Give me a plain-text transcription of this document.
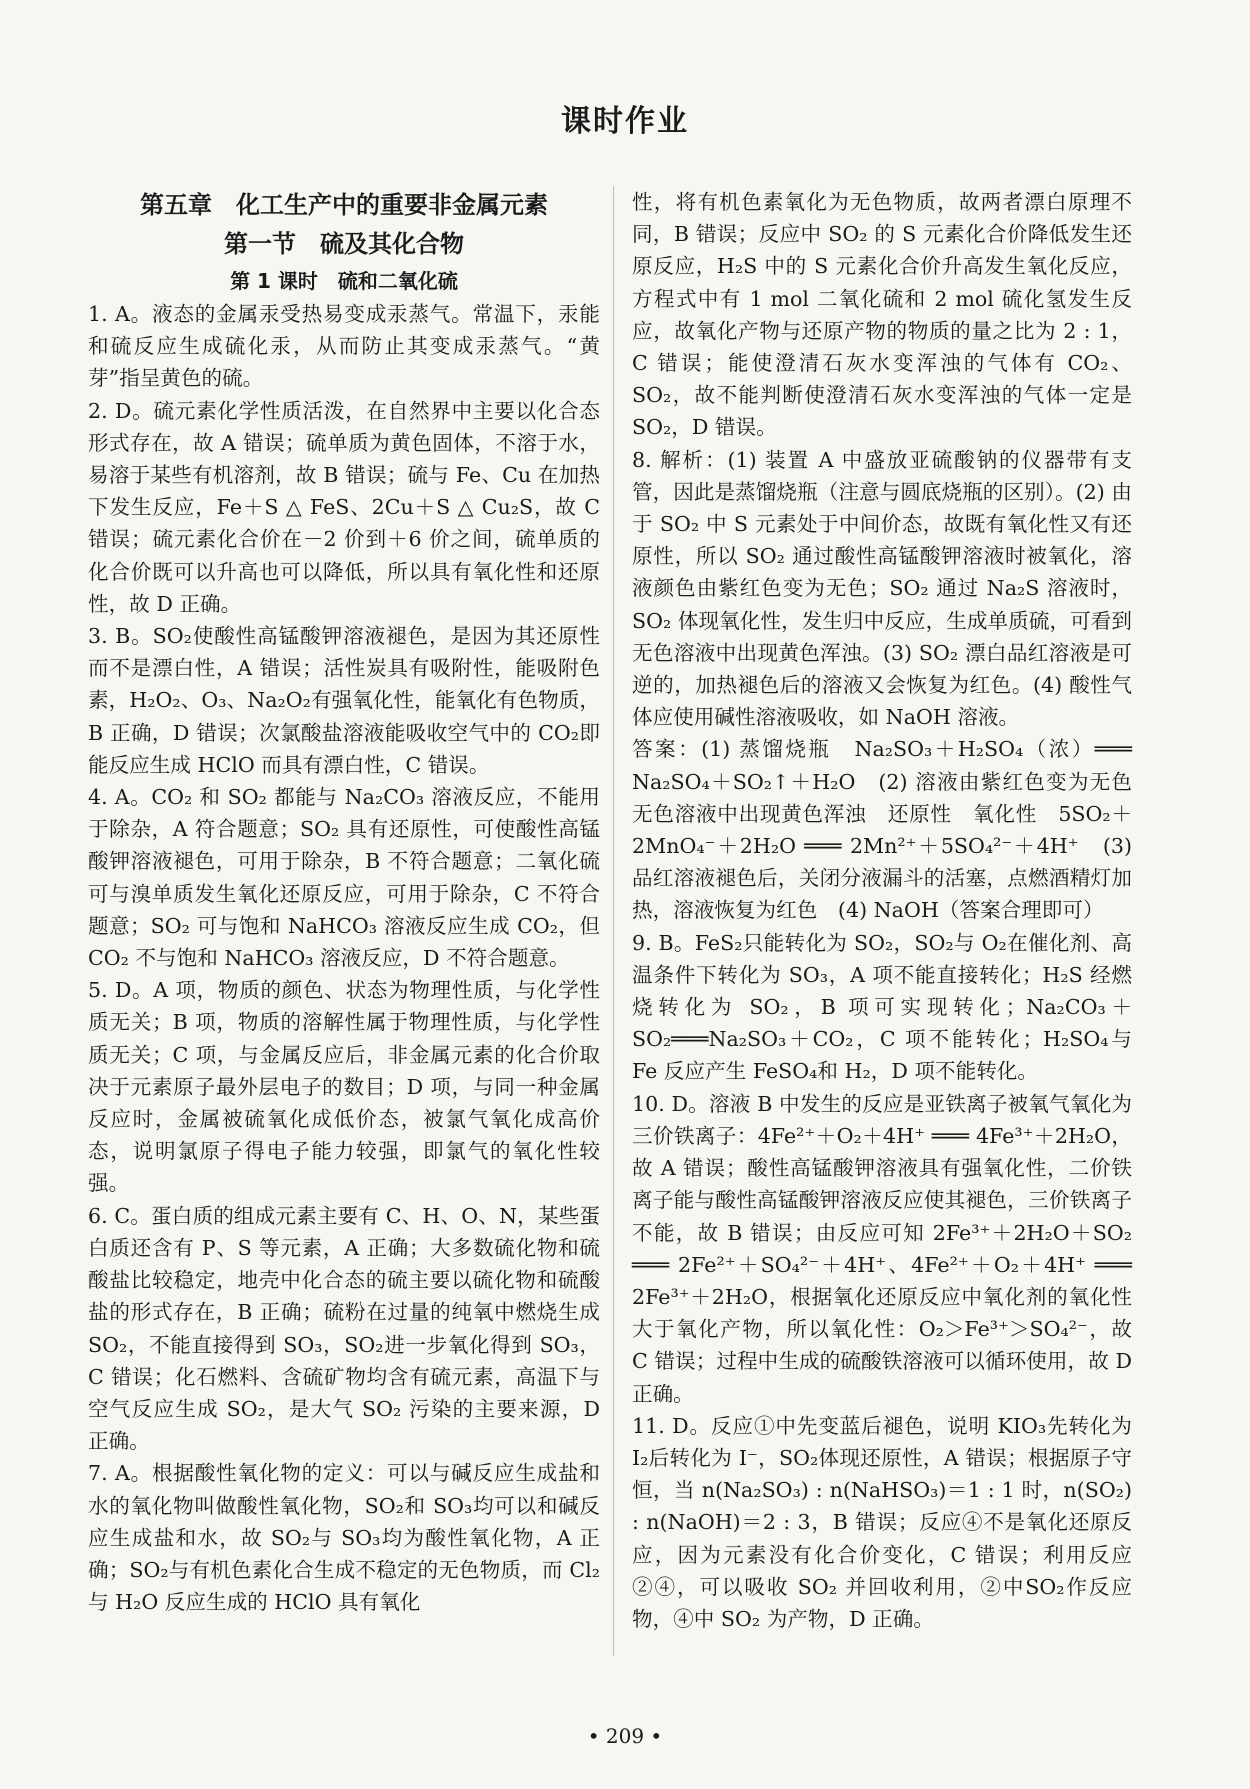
课时作业
第五章　化工生产中的重要非金属元素
第一节　硫及其化合物
第 1 课时　硫和二氧化硫

1. A。液态的金属汞受热易变成汞蒸气。常温下，汞能和硫反应生成硫化汞，从而防止其变成汞蒸气。“黄芽”指呈黄色的硫。

2. D。硫元素化学性质活泼，在自然界中主要以化合态形式存在，故 A 错误；硫单质为黄色固体，不溶于水，易溶于某些有机溶剂，故 B 错误；硫与 Fe、Cu 在加热下发生反应，Fe＋S △ FeS、2Cu＋S △ Cu₂S，故 C 错误；硫元素化合价在－2 价到＋6 价之间，硫单质的化合价既可以升高也可以降低，所以具有氧化性和还原性，故 D 正确。

3. B。SO₂使酸性高锰酸钾溶液褪色，是因为其还原性而不是漂白性，A 错误；活性炭具有吸附性，能吸附色素，H₂O₂、O₃、Na₂O₂有强氧化性，能氧化有色物质，B 正确，D 错误；次氯酸盐溶液能吸收空气中的 CO₂即能反应生成 HClO 而具有漂白性，C 错误。

4. A。CO₂ 和 SO₂ 都能与 Na₂CO₃ 溶液反应，不能用于除杂，A 符合题意；SO₂ 具有还原性，可使酸性高锰酸钾溶液褪色，可用于除杂，B 不符合题意；二氧化硫可与溴单质发生氧化还原反应，可用于除杂，C 不符合题意；SO₂ 可与饱和 NaHCO₃ 溶液反应生成 CO₂，但 CO₂ 不与饱和 NaHCO₃ 溶液反应，D 不符合题意。

5. D。A 项，物质的颜色、状态为物理性质，与化学性质无关；B 项，物质的溶解性属于物理性质，与化学性质无关；C 项，与金属反应后，非金属元素的化合价取决于元素原子最外层电子的数目；D 项，与同一种金属反应时，金属被硫氧化成低价态，被氯气氧化成高价态，说明氯原子得电子能力较强，即氯气的氧化性较强。

6. C。蛋白质的组成元素主要有 C、H、O、N，某些蛋白质还含有 P、S 等元素，A 正确；大多数硫化物和硫酸盐比较稳定，地壳中化合态的硫主要以硫化物和硫酸盐的形式存在，B 正确；硫粉在过量的纯氧中燃烧生成 SO₂，不能直接得到 SO₃，SO₂进一步氧化得到 SO₃，C 错误；化石燃料、含硫矿物均含有硫元素，高温下与空气反应生成 SO₂，是大气 SO₂ 污染的主要来源，D 正确。

7. A。根据酸性氧化物的定义：可以与碱反应生成盐和水的氧化物叫做酸性氧化物，SO₂和 SO₃均可以和碱反应生成盐和水，故 SO₂与 SO₃均为酸性氧化物，A 正确；SO₂与有机色素化合生成不稳定的无色物质，而 Cl₂与 H₂O 反应生成的 HClO 具有氧化

性，将有机色素氧化为无色物质，故两者漂白原理不同，B 错误；反应中 SO₂ 的 S 元素化合价降低发生还原反应，H₂S 中的 S 元素化合价升高发生氧化反应，方程式中有 1 mol 二氧化硫和 2 mol 硫化氢发生反应，故氧化产物与还原产物的物质的量之比为 2 : 1，C 错误；能使澄清石灰水变浑浊的气体有 CO₂、SO₂，故不能判断使澄清石灰水变浑浊的气体一定是 SO₂，D 错误。

8. 解析：(1) 装置 A 中盛放亚硫酸钠的仪器带有支管，因此是蒸馏烧瓶（注意与圆底烧瓶的区别）。(2) 由于 SO₂ 中 S 元素处于中间价态，故既有氧化性又有还原性，所以 SO₂ 通过酸性高锰酸钾溶液时被氧化，溶液颜色由紫红色变为无色；SO₂ 通过 Na₂S 溶液时，SO₂ 体现氧化性，发生归中反应，生成单质硫，可看到无色溶液中出现黄色浑浊。(3) SO₂ 漂白品红溶液是可逆的，加热褪色后的溶液又会恢复为红色。(4) 酸性气体应使用碱性溶液吸收，如 NaOH 溶液。

答案：(1) 蒸馏烧瓶　Na₂SO₃＋H₂SO₄（浓）═══ Na₂SO₄＋SO₂↑＋H₂O　(2) 溶液由紫红色变为无色　无色溶液中出现黄色浑浊　还原性　氧化性　5SO₂＋2MnO₄⁻＋2H₂O ═══ 2Mn²⁺＋5SO₄²⁻＋4H⁺　(3) 品红溶液褪色后，关闭分液漏斗的活塞，点燃酒精灯加热，溶液恢复为红色　(4) NaOH（答案合理即可）

9. B。FeS₂只能转化为 SO₂，SO₂与 O₂在催化剂、高温条件下转化为 SO₃，A 项不能直接转化；H₂S 经燃烧转化为 SO₂，B 项可实现转化；Na₂CO₃＋SO₂═══Na₂SO₃＋CO₂，C 项不能转化；H₂SO₄与 Fe 反应产生 FeSO₄和 H₂，D 项不能转化。

10. D。溶液 B 中发生的反应是亚铁离子被氧气氧化为三价铁离子：4Fe²⁺＋O₂＋4H⁺ ═══ 4Fe³⁺＋2H₂O，故 A 错误；酸性高锰酸钾溶液具有强氧化性，二价铁离子能与酸性高锰酸钾溶液反应使其褪色，三价铁离子不能，故 B 错误；由反应可知 2Fe³⁺＋2H₂O＋SO₂ ═══ 2Fe²⁺＋SO₄²⁻＋4H⁺、4Fe²⁺＋O₂＋4H⁺ ═══ 2Fe³⁺＋2H₂O，根据氧化还原反应中氧化剂的氧化性大于氧化产物，所以氧化性：O₂＞Fe³⁺＞SO₄²⁻，故 C 错误；过程中生成的硫酸铁溶液可以循环使用，故 D 正确。

11. D。反应①中先变蓝后褪色，说明 KIO₃先转化为 I₂后转化为 I⁻，SO₂体现还原性，A 错误；根据原子守恒，当 n(Na₂SO₃) : n(NaHSO₃)＝1 : 1 时，n(SO₂) : n(NaOH)＝2 : 3，B 错误；反应④不是氧化还原反应，因为元素没有化合价变化，C 错误；利用反应②④，可以吸收 SO₂ 并回收利用，②中SO₂作反应物，④中 SO₂ 为产物，D 正确。

• 209 •
